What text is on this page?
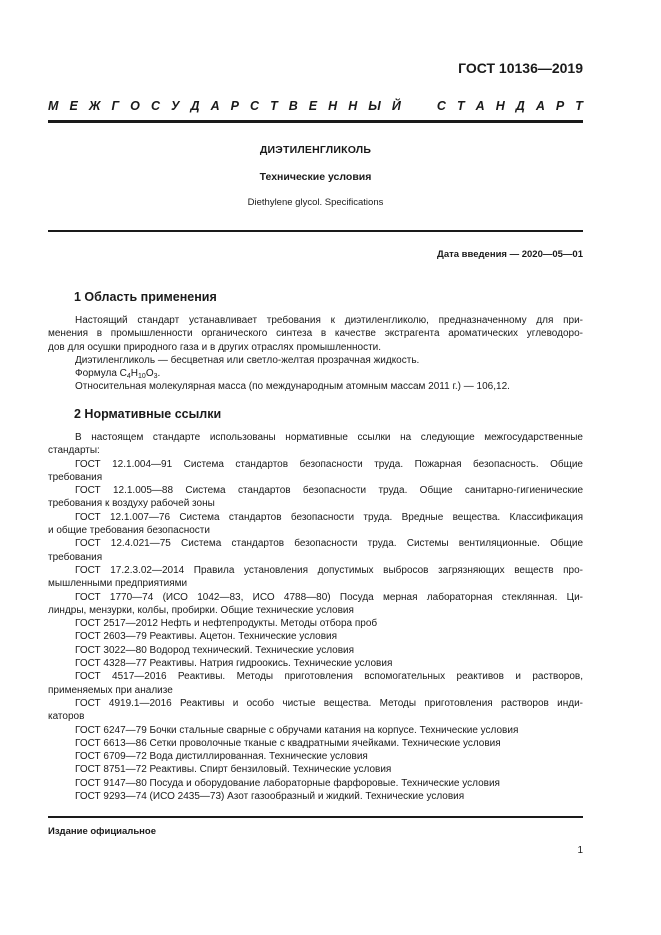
ГОСТ 10136—2019
М Е Ж Г О С У Д А Р С Т В Е Н Н Ы Й	С Т А Н Д А Р Т
ДИЭТИЛЕНГЛИКОЛЬ
Технические условия
Diethylene glycol. Specifications
Дата введения — 2020—05—01
1 Область применения

Настоящий стандарт устанавливает требования к диэтиленгликолю, предназначенному для при-

менения в промышленности органического синтеза в качестве экстрагента ароматических углеводоро-

дов для осушки природного газа и в других отраслях промышленности.

Диэтиленгликоль — бесцветная или светло-желтая прозрачная жидкость.

Формула $C_4H_{10}O_3$.

Относительная молекулярная масса (по международным атомным массам 2011 г.) — 106,12.

2 Нормативные ссылки

В настоящем стандарте использованы нормативные ссылки на следующие межгосударственные

стандарты:

ГОСТ 12.1.004—91 Система стандартов безопасности труда. Пожарная безопасность. Общие

требования

ГОСТ 12.1.005—88 Система стандартов безопасности труда. Общие санитарно-гигиенические

требования к воздуху рабочей зоны

ГОСТ 12.1.007—76 Система стандартов безопасности труда. Вредные вещества. Классификация

и общие требования безопасности

ГОСТ 12.4.021—75 Система стандартов безопасности труда. Системы вентиляционные. Общие

требования

ГОСТ 17.2.3.02—2014 Правила установления допустимых выбросов загрязняющих веществ про-

мышленными предприятиями

ГОСТ 1770—74 (ИСО 1042—83, ИСО 4788—80) Посуда мерная лабораторная стеклянная. Ци-

линдры, мензурки, колбы, пробирки. Общие технические условия

ГОСТ 2517—2012 Нефть и нефтепродукты. Методы отбора проб

ГОСТ 2603—79 Реактивы. Ацетон. Технические условия

ГОСТ 3022—80 Водород технический. Технические условия

ГОСТ 4328—77 Реактивы. Натрия гидроокись. Технические условия

ГОСТ 4517—2016 Реактивы. Методы приготовления вспомогательных реактивов и растворов,

применяемых при анализе

ГОСТ 4919.1—2016 Реактивы и особо чистые вещества. Методы приготовления растворов инди-

каторов

ГОСТ 6247—79 Бочки стальные сварные с обручами катания на корпусе. Технические условия

ГОСТ 6613—86 Сетки проволочные тканые с квадратными ячейками. Технические условия

ГОСТ 6709—72 Вода дистиллированная. Технические условия

ГОСТ 8751—72 Реактивы. Спирт бензиловый. Технические условия

ГОСТ 9147—80 Посуда и оборудование лабораторные фарфоровые. Технические условия

ГОСТ 9293—74 (ИСО 2435—73) Азот газообразный и жидкий. Технические условия

Издание официальное
1
